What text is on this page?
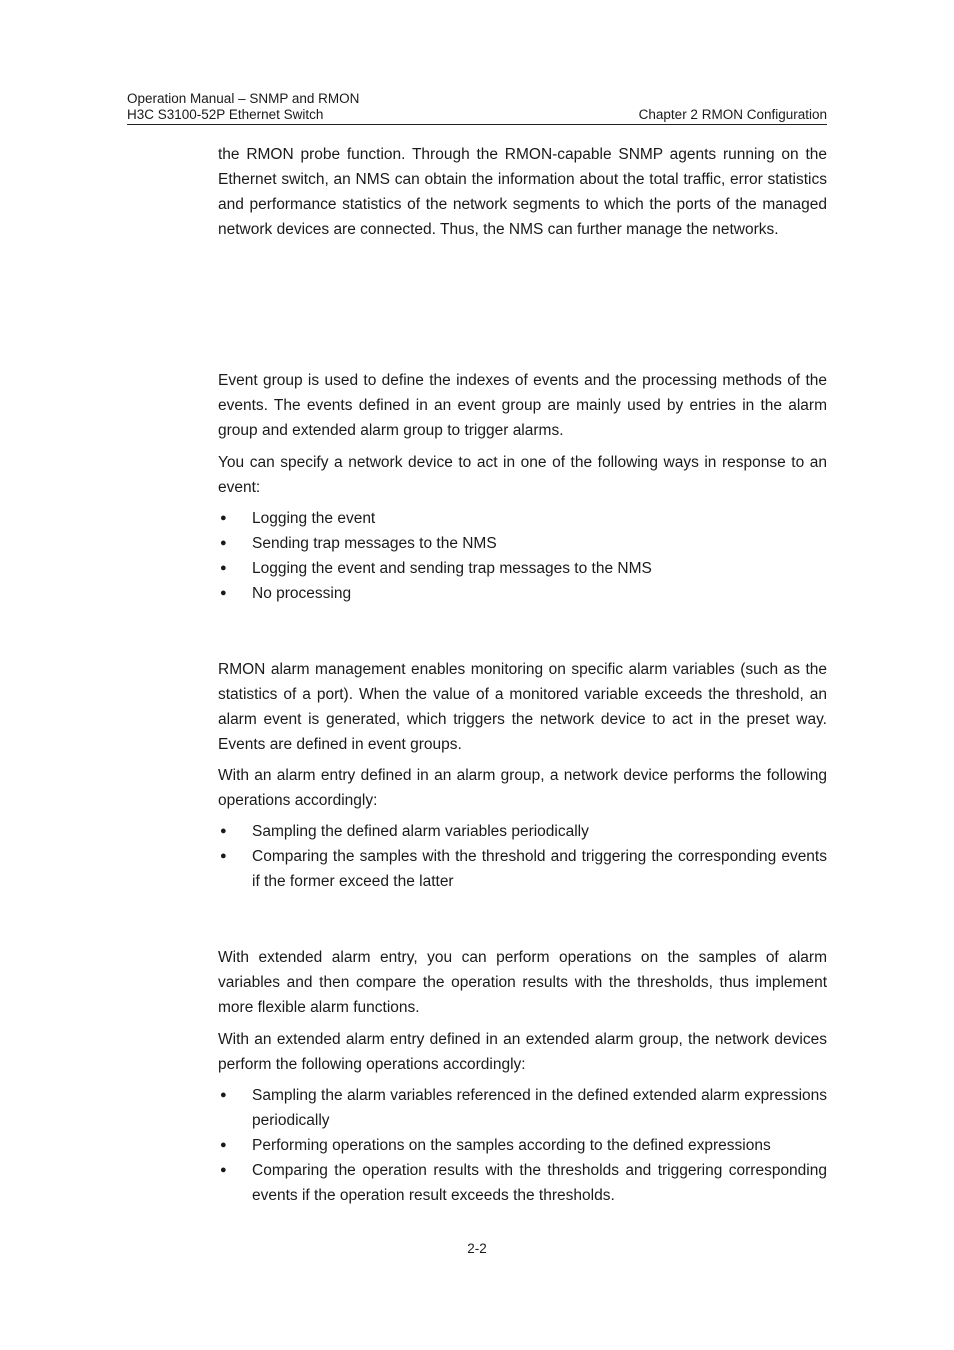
Operation Manual – SNMP and RMON
H3C S3100-52P Ethernet Switch	Chapter 2 RMON Configuration

the RMON probe function. Through the RMON-capable SNMP agents running on the Ethernet switch, an NMS can obtain the information about the total traffic, error statistics and performance statistics of the network segments to which the ports of the managed network devices are connected. Thus, the NMS can further manage the networks.

Event group is used to define the indexes of events and the processing methods of the events. The events defined in an event group are mainly used by entries in the alarm group and extended alarm group to trigger alarms.

You can specify a network device to act in one of the following ways in response to an event:

● Logging the event
● Sending trap messages to the NMS
● Logging the event and sending trap messages to the NMS
● No processing

RMON alarm management enables monitoring on specific alarm variables (such as the statistics of a port). When the value of a monitored variable exceeds the threshold, an alarm event is generated, which triggers the network device to act in the preset way. Events are defined in event groups.

With an alarm entry defined in an alarm group, a network device performs the following operations accordingly:

● Sampling the defined alarm variables periodically
● Comparing the samples with the threshold and triggering the corresponding events if the former exceed the latter

With extended alarm entry, you can perform operations on the samples of alarm variables and then compare the operation results with the thresholds, thus implement more flexible alarm functions.

With an extended alarm entry defined in an extended alarm group, the network devices perform the following operations accordingly:

● Sampling the alarm variables referenced in the defined extended alarm expressions periodically
● Performing operations on the samples according to the defined expressions
● Comparing the operation results with the thresholds and triggering corresponding events if the operation result exceeds the thresholds.
2-2
